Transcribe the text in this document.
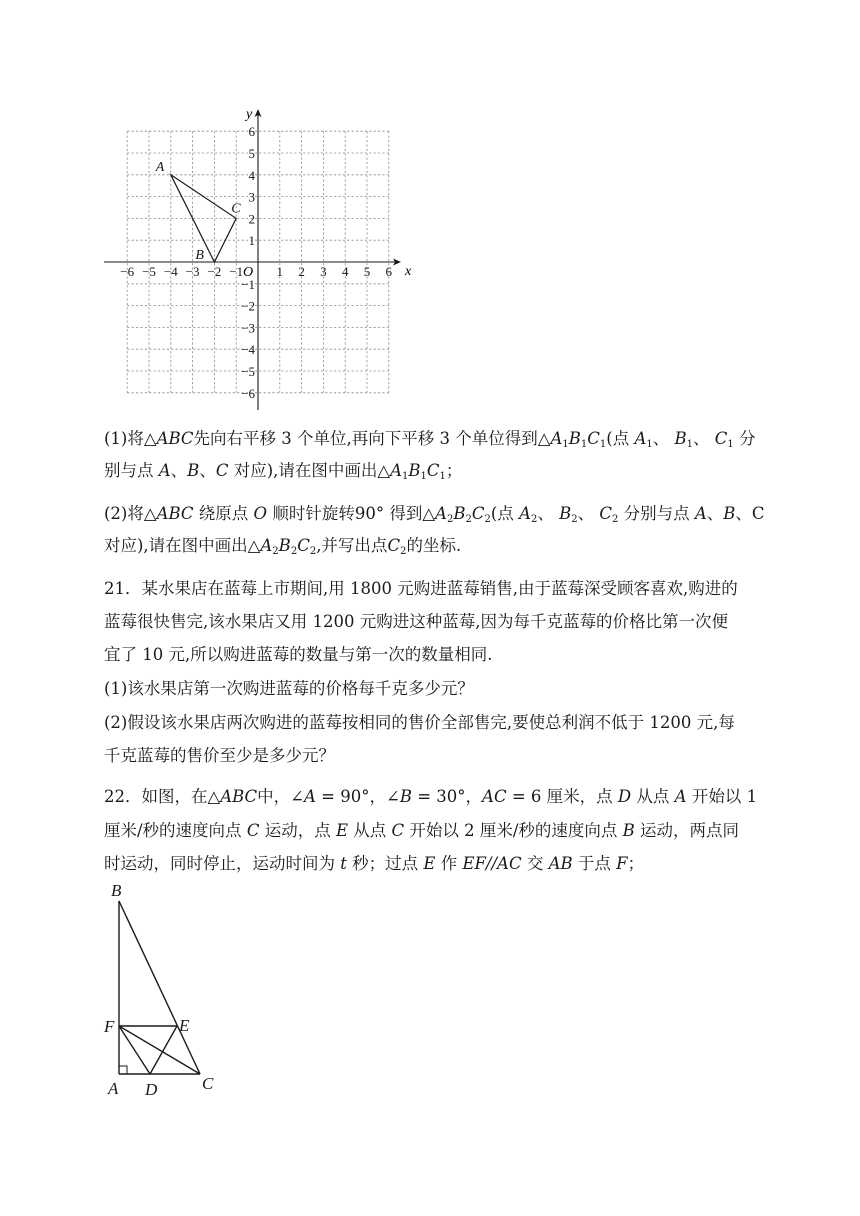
−6 −5 −4 −3 −2 −1	1 2 3 4 5 6
6
5
4
3
2
1
−1
−2
−3
−4
−5
−6
x
y
O
A
B
C
(1)将△ABC先向右平移 3 个单位,再向下平移 3 个单位得到$\triangle A_1B_1C_1$(点 $A_1$、 $B_1$、 $C_1$ 分
别与点 A、B、C 对应),请在图中画出$\triangle A_1B_1C_1$；
(2)将△ABC 绕原点 O 顺时针旋转90° 得到$\triangle A_2B_2C_2$(点 $A_2$、 $B_2$、 $C_2$ 分别与点 A、B、C
对应),请在图中画出$\triangle A_2B_2C_2$,并写出点$C_2$的坐标.
21．某水果店在蓝莓上市期间,用 1800 元购进蓝莓销售,由于蓝莓深受顾客喜欢,购进的
蓝莓很快售完,该水果店又用 1200 元购进这种蓝莓,因为每千克蓝莓的价格比第一次便
宜了 10 元,所以购进蓝莓的数量与第一次的数量相同.
(1)该水果店第一次购进蓝莓的价格每千克多少元？
(2)假设该水果店两次购进的蓝莓按相同的售价全部售完,要使总利润不低于 1200 元,每
千克蓝莓的售价至少是多少元？
22．如图，在△ABC中，∠A = 90°，∠B = 30°，AC = 6 厘米，点 D 从点 A 开始以 1
厘米/秒的速度向点 C 运动，点 E 从点 C 开始以 2 厘米/秒的速度向点 B 运动，两点同
时运动，同时停止，运动时间为 t 秒；过点 E 作 EF//AC 交 AB 于点 F；
B
F	E
A D	C
